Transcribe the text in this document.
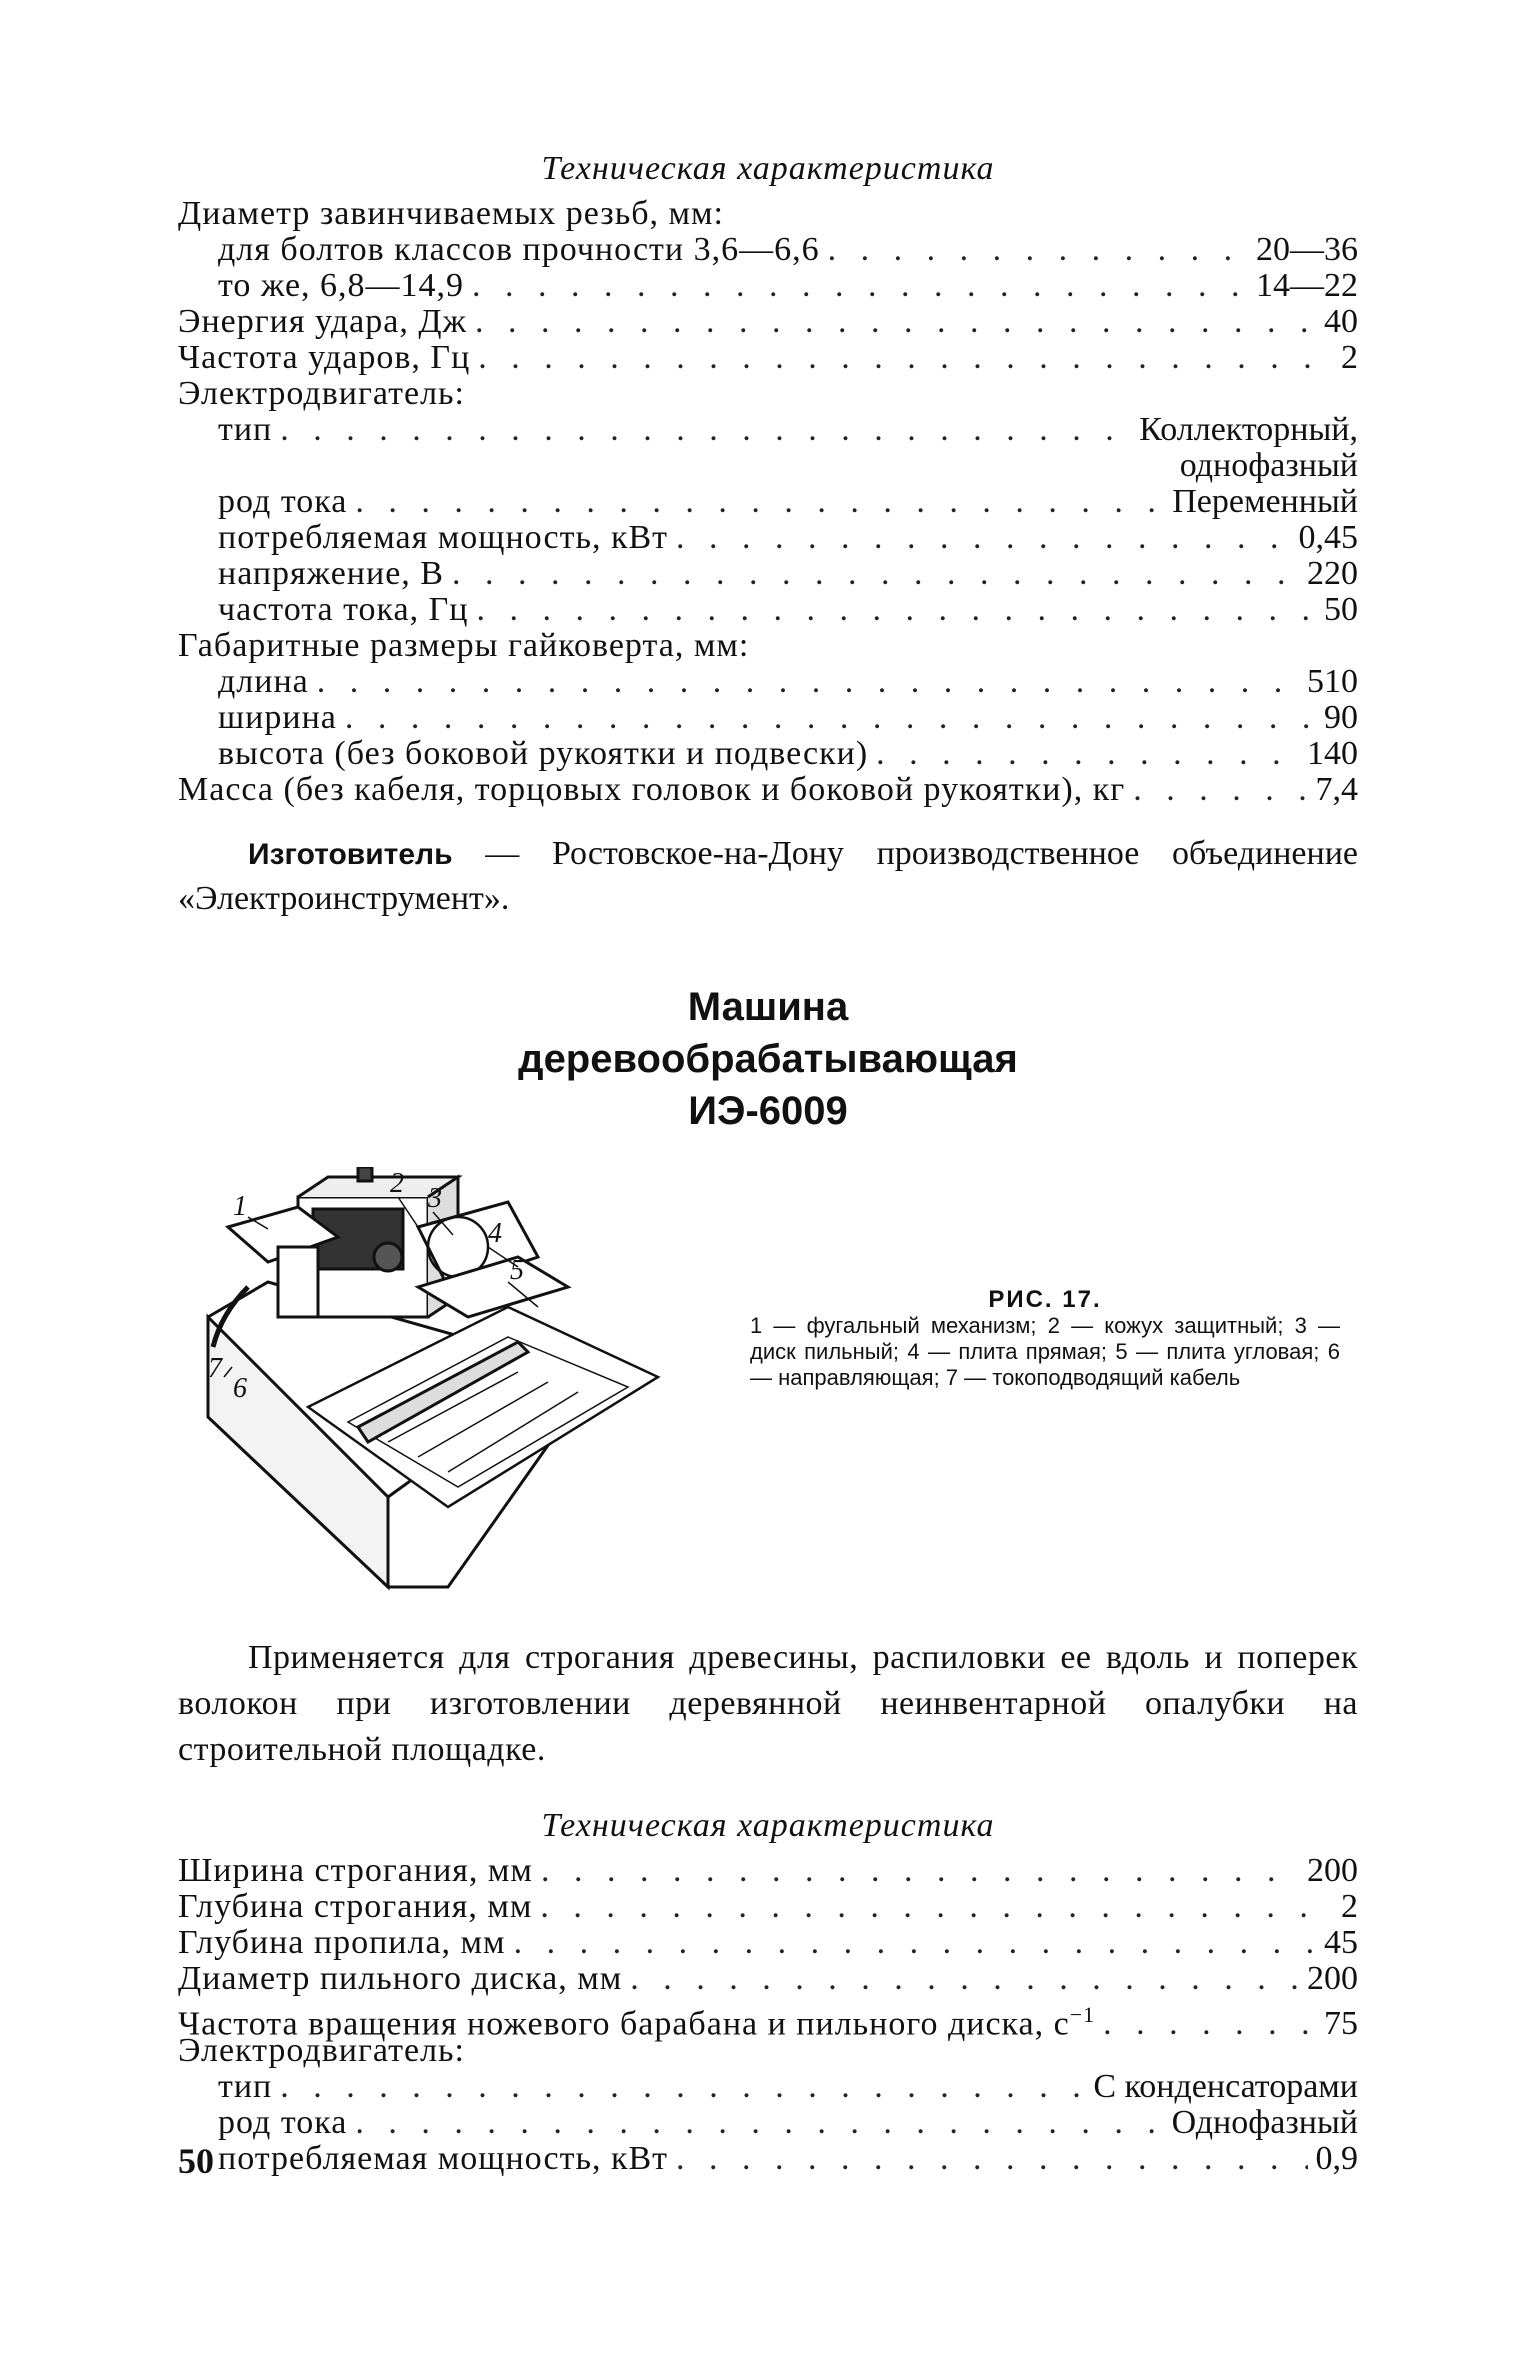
Техническая характеристика
Диаметр завинчиваемых резьб, мм:
для болтов классов прочности 3,6—6,6 . . .	20—36
то же, 6,8—14,9 . . .	14—22
Энергия удара, Дж . . .	40
Частота ударов, Гц . . .	2
Электродвигатель:
тип . . .	Коллекторный,
однофазный
род тока . . .	Переменный
потребляемая мощность, кВт . . .	0,45
напряжение, В . . .	220
частота тока, Гц . . .	50
Габаритные размеры гайковерта, мм:
длина . . .	510
ширина . . .	90
высота (без боковой рукоятки и подвески) . . .	140
Масса (без кабеля, торцовых головок и боковой рукоятки), кг . . .	7,4

Изготовитель — Ростовское-на-Дону производственное объединение «Электроинструмент».

Машина
деревообрабатывающая
ИЭ-6009
1
2 3
4
5
6
7
РИС. 17.
1 — фугальный механизм; 2 — кожух защитный; 3 — диск пильный; 4 — плита прямая; 5 — плита угловая; 6 — направляющая; 7 — токоподводящий кабель

Применяется для строгания древесины, распиловки ее вдоль и поперек волокон при изготовлении деревянной неинвентарной опалубки на строительной площадке.

Техническая характеристика
Ширина строгания, мм . . .	200
Глубина строгания, мм . . .	2
Глубина пропила, мм . . .	45
Диаметр пильного диска, мм . . .	200
Частота вращения ножевого барабана и пильного диска, $с^{-1}$ . . .	75
Электродвигатель:
тип . . .	С конденсаторами
род тока . . .	Однофазный
потребляемая мощность, кВт . . .	0,9
50
